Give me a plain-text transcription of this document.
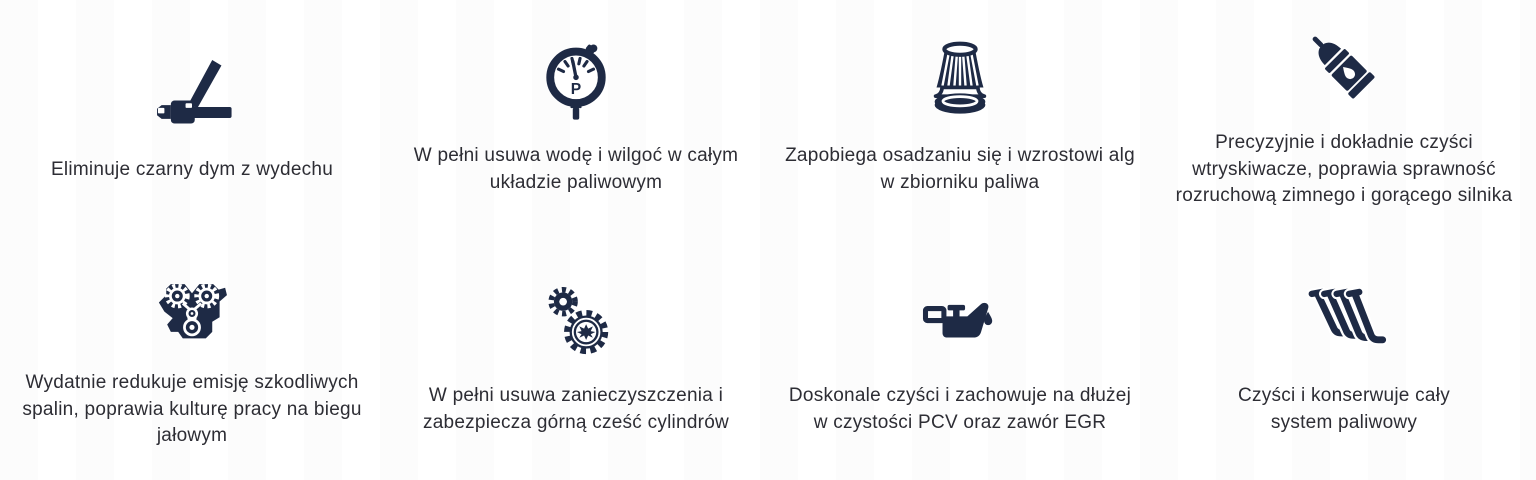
Eliminuje czarny dym z wydechu

P

W pełni usuwa wodę i wilgoć w całym układzie paliwowym

Zapobiega osadzaniu się i wzrostowi alg w zbiorniku paliwa

Precyzyjnie i dokładnie czyści wtryskiwacze, poprawia sprawność rozruchową zimnego i gorącego silnika

Wydatnie redukuje emisję szkodliwych spalin, poprawia kulturę pracy na biegu jałowym

W pełni usuwa zanieczyszczenia i zabezpiecza górną cześć cylindrów

Doskonale czyści i zachowuje na dłużej w czystości PCV oraz zawór EGR

Czyści i konserwuje cały system paliwowy
